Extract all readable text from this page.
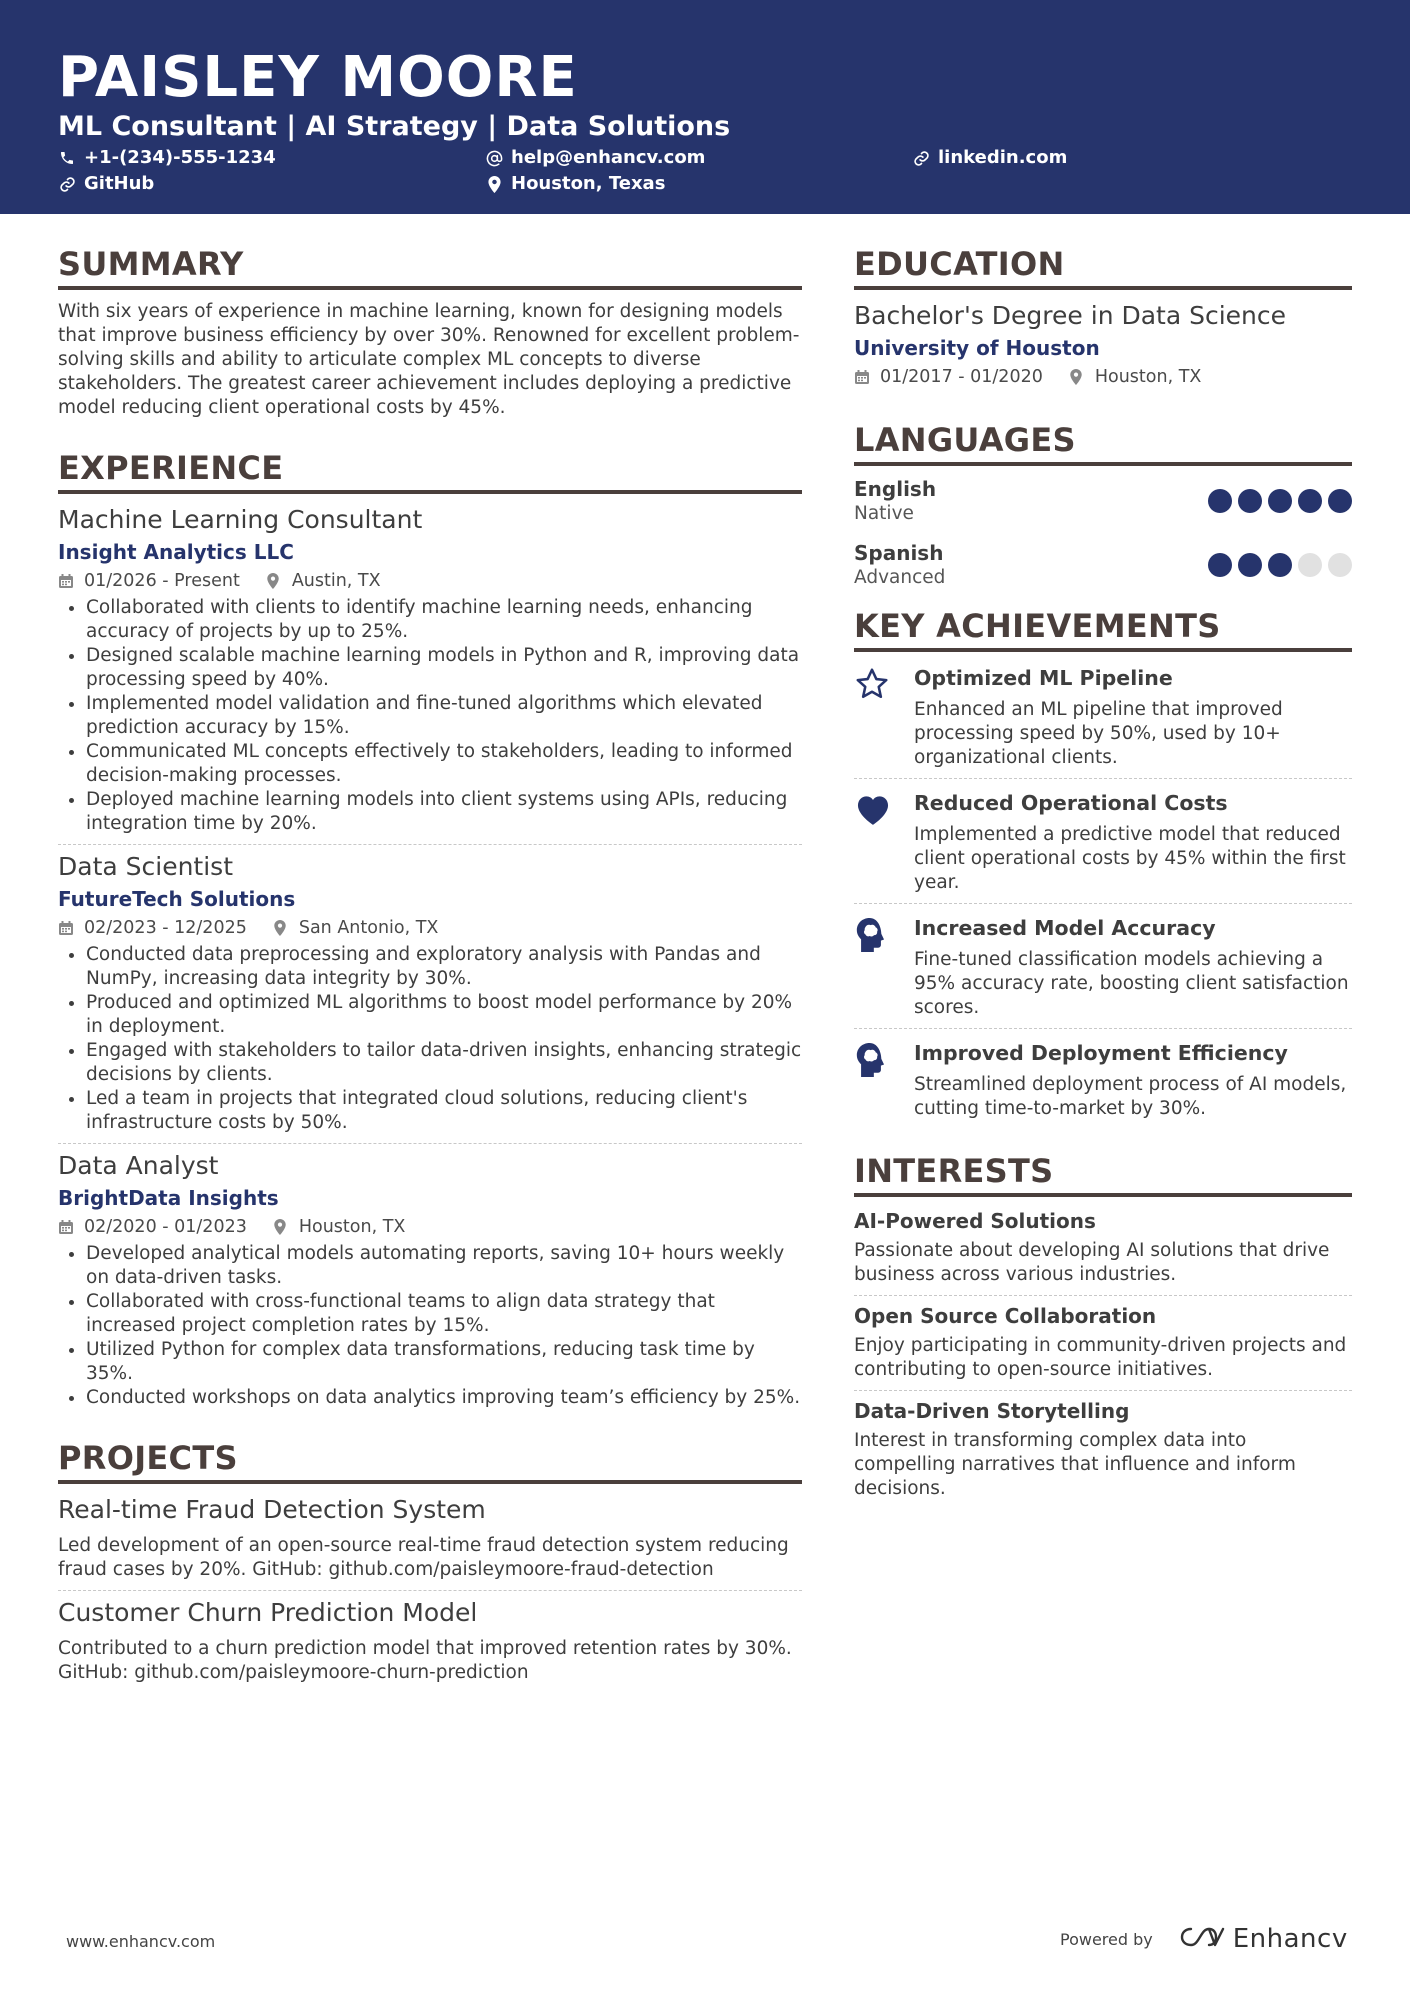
PAISLEY MOORE
ML Consultant | AI Strategy | Data Solutions
+1-(234)-555-1234	help@enhancv.com	linkedin.com
GitHub	Houston, Texas
SUMMARY
With six years of experience in machine learning, known for designing models that improve business efficiency by over 30%. Renowned for excellent problem-solving skills and ability to articulate complex ML concepts to diverse stakeholders. The greatest career achievement includes deploying a predictive model reducing client operational costs by 45%.
EXPERIENCE
Machine Learning Consultant
Insight Analytics LLC
01/2026 - Present	Austin, TX
• Collaborated with clients to identify machine learning needs, enhancing accuracy of projects by up to 25%.
• Designed scalable machine learning models in Python and R, improving data processing speed by 40%.
• Implemented model validation and fine-tuned algorithms which elevated prediction accuracy by 15%.
• Communicated ML concepts effectively to stakeholders, leading to informed decision-making processes.
• Deployed machine learning models into client systems using APIs, reducing integration time by 20%.
Data Scientist
FutureTech Solutions
02/2023 - 12/2025	San Antonio, TX
• Conducted data preprocessing and exploratory analysis with Pandas and NumPy, increasing data integrity by 30%.
• Produced and optimized ML algorithms to boost model performance by 20% in deployment.
• Engaged with stakeholders to tailor data-driven insights, enhancing strategic decisions by clients.
• Led a team in projects that integrated cloud solutions, reducing client's infrastructure costs by 50%.
Data Analyst
BrightData Insights
02/2020 - 01/2023	Houston, TX
• Developed analytical models automating reports, saving 10+ hours weekly on data-driven tasks.
• Collaborated with cross-functional teams to align data strategy that increased project completion rates by 15%.
• Utilized Python for complex data transformations, reducing task time by 35%.
• Conducted workshops on data analytics improving team’s efficiency by 25%.
PROJECTS
Real-time Fraud Detection System
Led development of an open-source real-time fraud detection system reducing fraud cases by 20%. GitHub: github.com/paisleymoore-fraud-detection
Customer Churn Prediction Model
Contributed to a churn prediction model that improved retention rates by 30%. GitHub: github.com/paisleymoore-churn-prediction
EDUCATION
Bachelor's Degree in Data Science
University of Houston
01/2017 - 01/2020	Houston, TX
LANGUAGES
English
Native
Spanish
Advanced
KEY ACHIEVEMENTS
Optimized ML Pipeline
Enhanced an ML pipeline that improved processing speed by 50%, used by 10+ organizational clients.
Reduced Operational Costs
Implemented a predictive model that reduced client operational costs by 45% within the first year.
Increased Model Accuracy
Fine-tuned classification models achieving a 95% accuracy rate, boosting client satisfaction scores.
Improved Deployment Efficiency
Streamlined deployment process of AI models, cutting time-to-market by 30%.
INTERESTS
AI-Powered Solutions
Passionate about developing AI solutions that drive business across various industries.
Open Source Collaboration
Enjoy participating in community-driven projects and contributing to open-source initiatives.
Data-Driven Storytelling
Interest in transforming complex data into compelling narratives that influence and inform decisions.
www.enhancv.com	Powered by	Enhancv
